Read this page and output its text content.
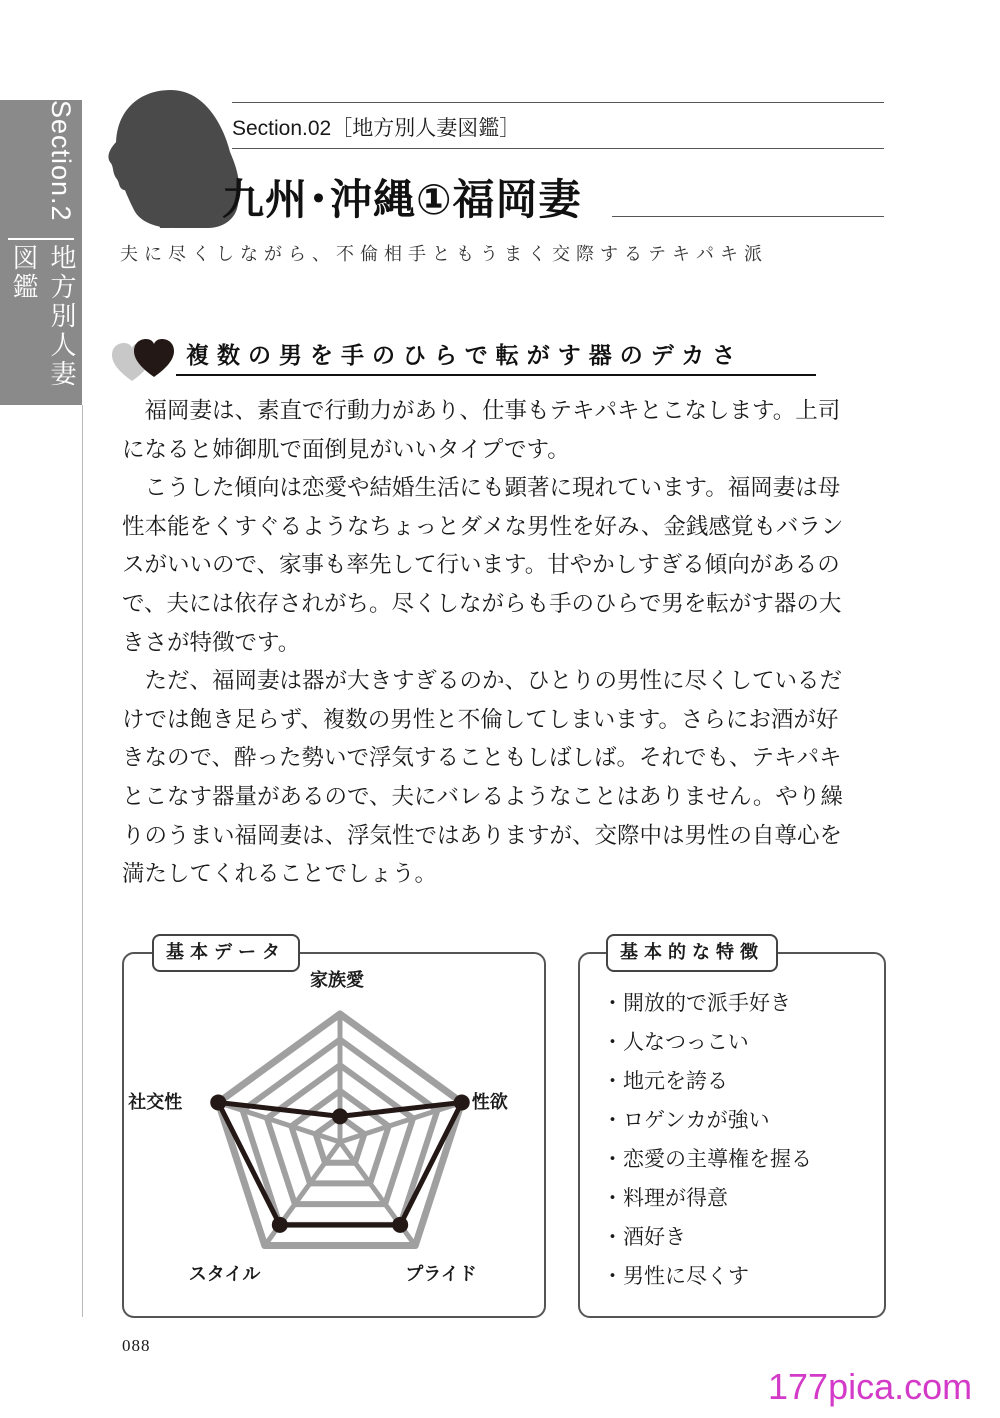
Section.2
地方別人妻図鑑
Section.02［地方別人妻図鑑］
九州･沖縄①福岡妻
夫に尽くしながら、不倫相手ともうまく交際するテキパキ派
複数の男を手のひらで転がす器のデカさ

　福岡妻は、素直で行動力があり、仕事もテキパキとこなします。上司
になると姉御肌で面倒見がいいタイプです。
　こうした傾向は恋愛や結婚生活にも顕著に現れています。福岡妻は母
性本能をくすぐるようなちょっとダメな男性を好み、金銭感覚もバラン
スがいいので、家事も率先して行います。甘やかしすぎる傾向があるの
で、夫には依存されがち。尽くしながらも手のひらで男を転がす器の大
きさが特徴です。
　ただ、福岡妻は器が大きすぎるのか、ひとりの男性に尽くしているだ
けでは飽き足らず、複数の男性と不倫してしまいます。さらにお酒が好
きなので、酔った勢いで浮気することもしばしば。それでも、テキパキ
とこなす器量があるので、夫にバレるようなことはありません。やり繰
りのうまい福岡妻は、浮気性ではありますが、交際中は男性の自尊心を
満たしてくれることでしょう。

基本データ
家族愛
性欲
プライド
スタイル
社交性
基本的な特徴
・開放的で派手好き
・人なつっこい
・地元を誇る
・ロゲンカが強い
・恋愛の主導権を握る
・料理が得意
・酒好き
・男性に尽くす
088
177pica.com
